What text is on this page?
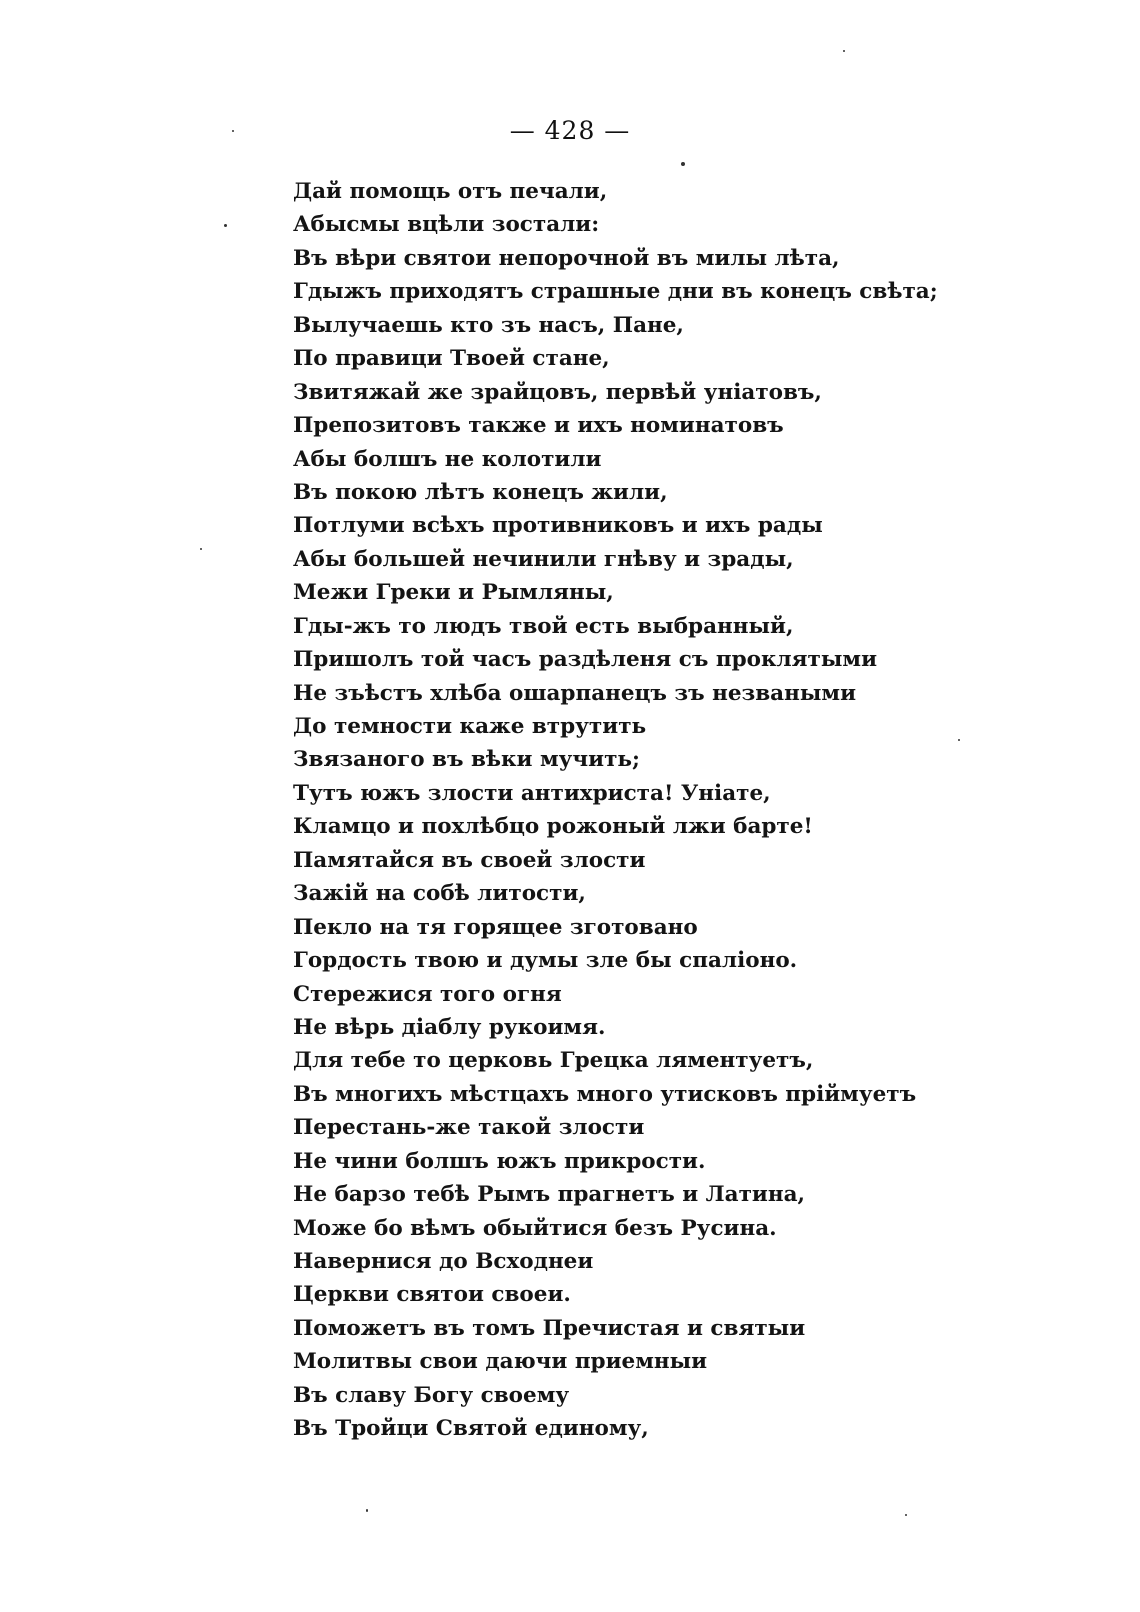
— 428 —
Дай помощь отъ печали,
Абысмы вцѣли зостали:
Въ вѣри святои непорочной въ милы лѣта,
Гдыжъ приходятъ страшные дни въ конецъ свѣта;
Вылучаешь кто зъ насъ, Пане,
По правици Твоей стане,
Звитяжай же зрайцовъ, первѣй уніатовъ,
Препозитовъ также и ихъ номинатовъ
Абы болшъ не колотили
Въ покою лѣтъ конецъ жили,
Потлуми всѣхъ противниковъ и ихъ рады
Абы большей нечинили гнѣву и зрады,
Межи Греки и Рымляны,
Гды-жъ то людъ твой есть выбранный,
Пришолъ той часъ раздѣленя съ проклятыми
Не зъѣстъ хлѣба ошарпанецъ зъ незваными
До темности каже втрутить
Звязаного въ вѣки мучить;
Тутъ южъ злости антихриста! Уніате,
Кламцо и похлѣбцо рожоный лжи барте!
Памятайся въ своей злости
Зажій на собѣ литости,
Пекло на тя горящее зготовано
Гордость твою и думы зле бы спаліоно.
Стережися того огня
Не вѣрь діаблу рукоимя.
Для тебе то церковь Грецка ляментуетъ,
Въ многихъ мѣстцахъ много утисковъ пріймуетъ
Перестань-же такой злости
Не чини болшъ южъ прикрости.
Не барзо тебѣ Рымъ прагнетъ и Латина,
Може бо вѣмъ обыйтися безъ Русина.
Навернися до Всходнеи
Церкви святои своеи.
Поможетъ въ томъ Пречистая и святыи
Молитвы свои даючи приемныи
Въ славу Богу своему
Въ Тройци Святой единому,
